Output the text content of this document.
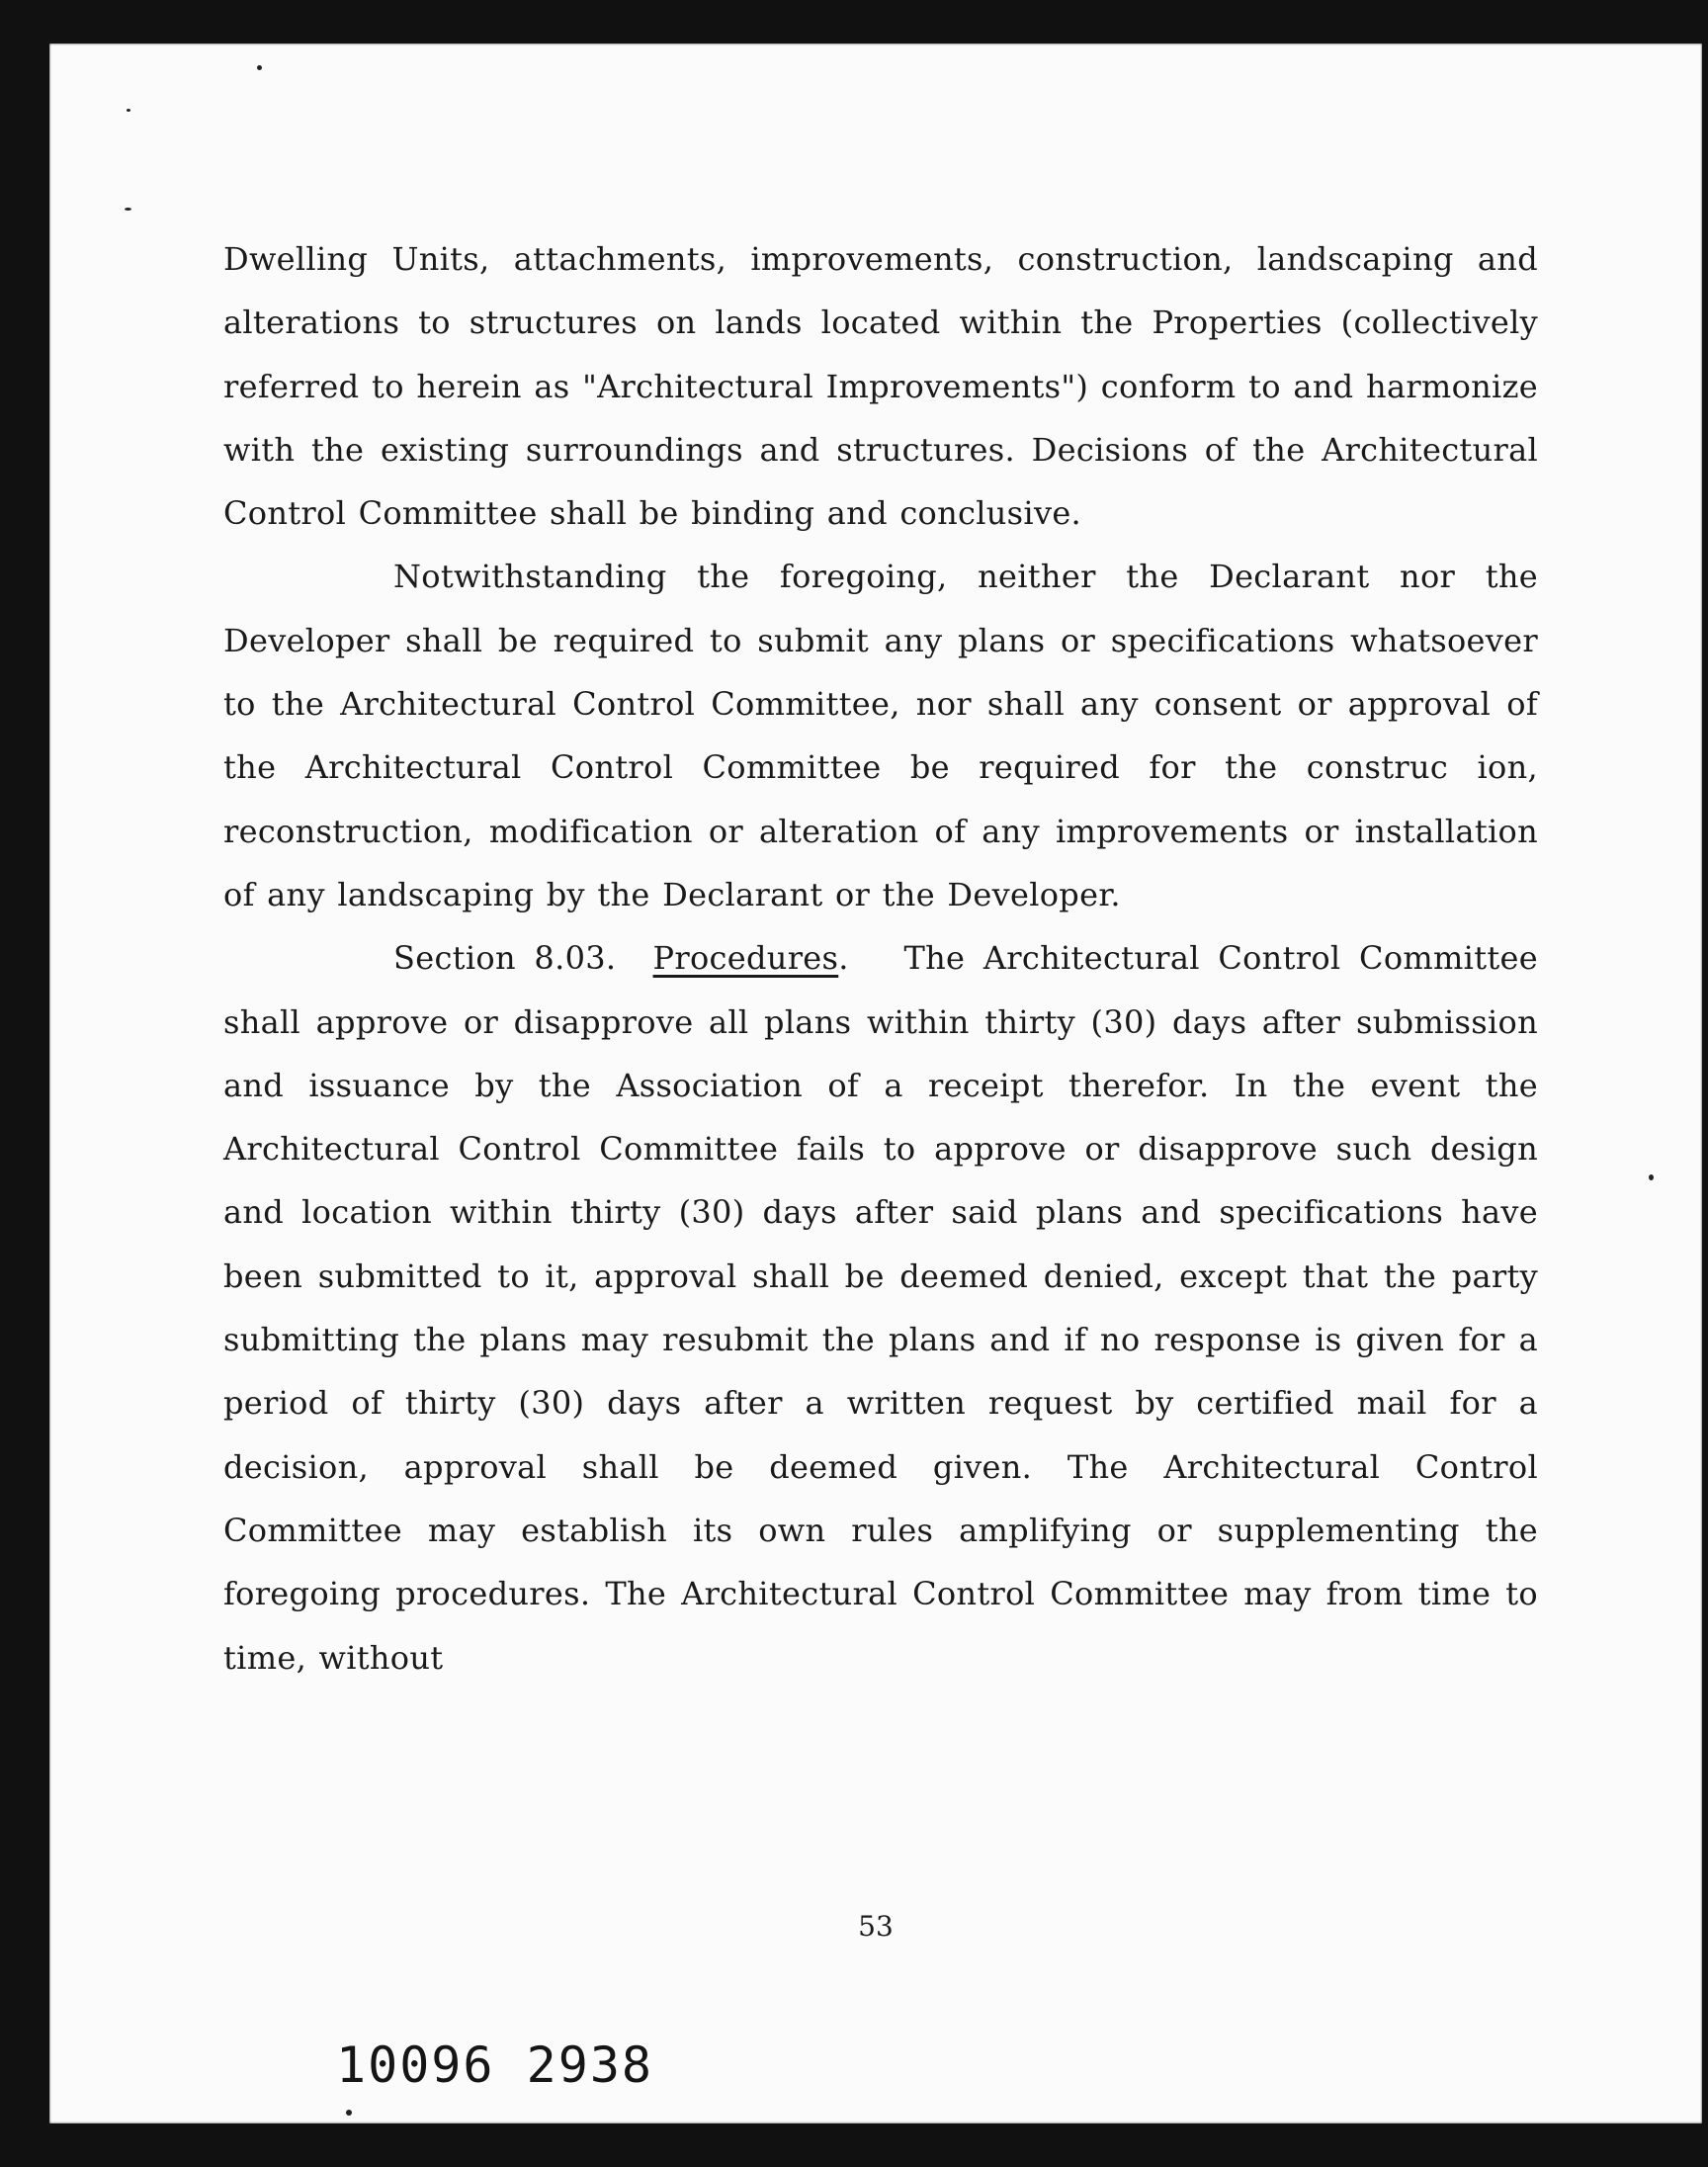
Dwelling Units, attachments, improvements, construction, landscaping and alterations to structures on lands located within the Properties (collectively referred to herein as "Architectural Improvements") conform to and harmonize with the existing surroundings and structures. Decisions of the Architectural Control Committee shall be binding and conclusive.

Notwithstanding the foregoing, neither the Declarant nor the Developer shall be required to submit any plans or specifications whatsoever to the Architectural Control Committee, nor shall any consent or approval of the Architectural Control Committee be required for the construc ion, reconstruction, modification or alteration of any improvements or installation of any landscaping by the Declarant or the Developer.

Section 8.03. Procedures. The Architectural Control Committee shall approve or disapprove all plans within thirty (30) days after submission and issuance by the Association of a receipt therefor. In the event the Architectural Control Committee fails to approve or disapprove such design and location within thirty (30) days after said plans and specifications have been submitted to it, approval shall be deemed denied, except that the party submitting the plans may resubmit the plans and if no response is given for a period of thirty (30) days after a written request by certified mail for a decision, approval shall be deemed given. The Architectural Control Committee may establish its own rules amplifying or supplementing the foregoing procedures. The Architectural Control Committee may from time to time, without

53
10096 2938
